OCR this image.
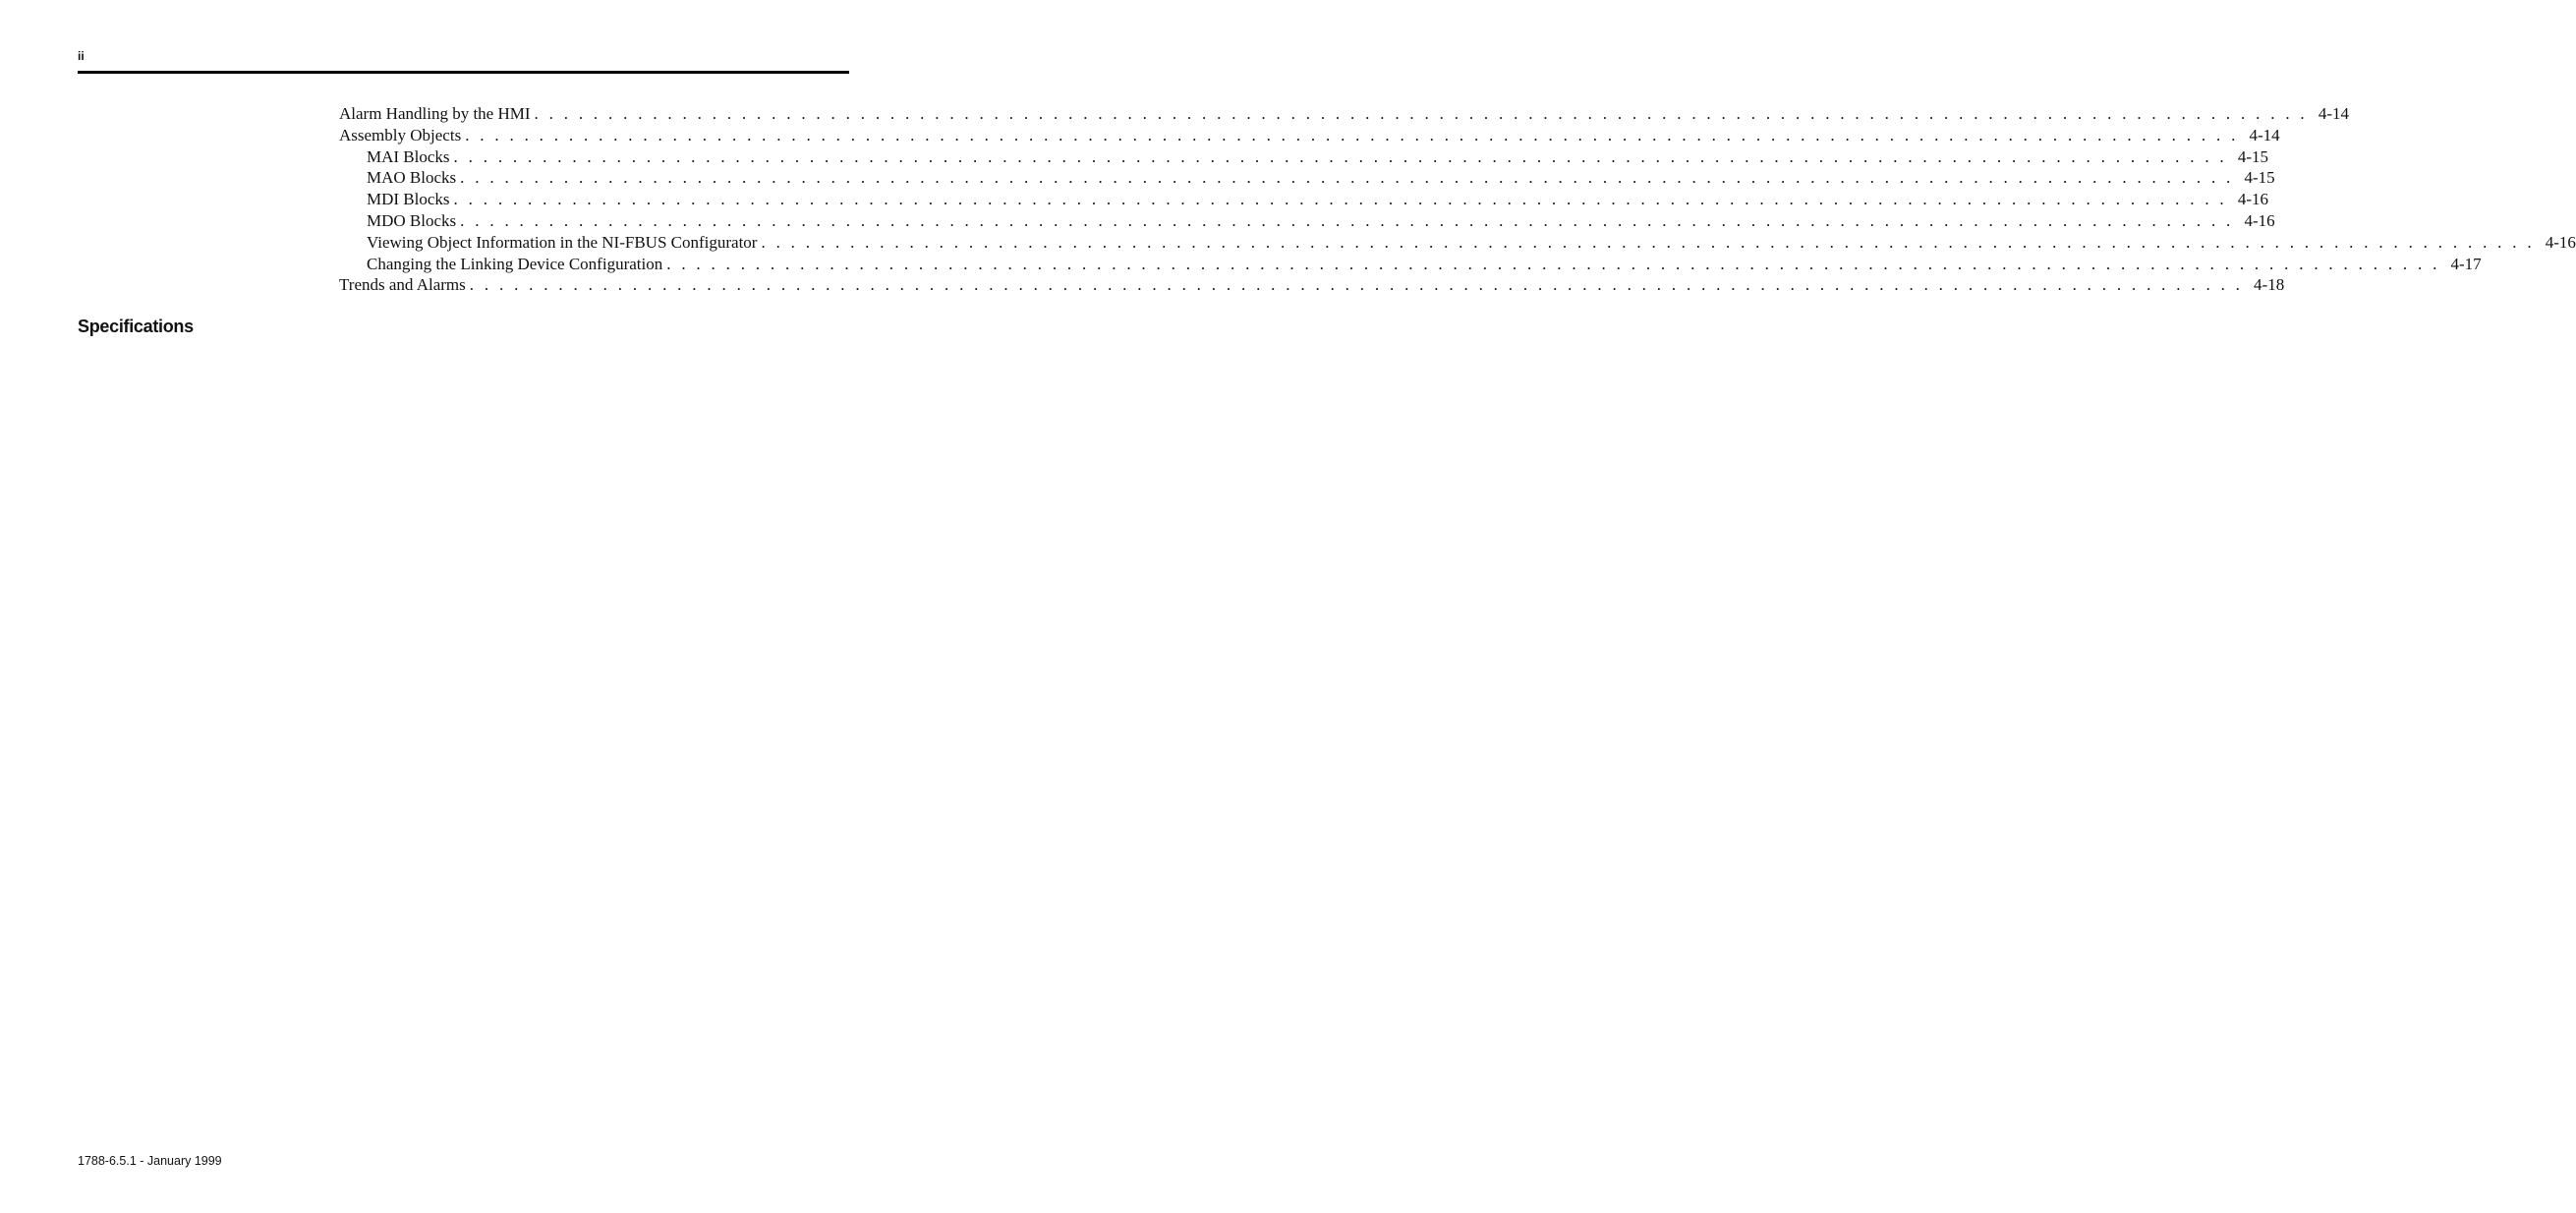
ii
Alarm Handling by the HMI . . . . . . . . . . . . . . . . . . . . . . . . . . . . . . . . . . . . . . . . . . . . . . . . . . . . . . . . . . . . . . . . . . . . . . . . . . . . . . . . . . . . . . . . . . . . . . . . . . . . . . . . . . . . . . . . . . . . . . . . 4-14
Assembly Objects . . . . . . . . . . . . . . . . . . . . . . . . . . . . . . . . . . . . . . . . . . . . . . . . . . . . . . . . . . . . . . . . . . . . . . . . . . . . . . . . . . . . . . . . . . . . . . . . . . . . . . . . . . . . . . . . . . . . . . . . 4-14
MAI Blocks . . . . . . . . . . . . . . . . . . . . . . . . . . . . . . . . . . . . . . . . . . . . . . . . . . . . . . . . . . . . . . . . . . . . . . . . . . . . . . . . . . . . . . . . . . . . . . . . . . . . . . . . . . . . . . . . . . . . . . . . 4-15
MAO Blocks . . . . . . . . . . . . . . . . . . . . . . . . . . . . . . . . . . . . . . . . . . . . . . . . . . . . . . . . . . . . . . . . . . . . . . . . . . . . . . . . . . . . . . . . . . . . . . . . . . . . . . . . . . . . . . . . . . . . . . . . 4-15
MDI Blocks . . . . . . . . . . . . . . . . . . . . . . . . . . . . . . . . . . . . . . . . . . . . . . . . . . . . . . . . . . . . . . . . . . . . . . . . . . . . . . . . . . . . . . . . . . . . . . . . . . . . . . . . . . . . . . . . . . . . . . . . 4-16
MDO Blocks . . . . . . . . . . . . . . . . . . . . . . . . . . . . . . . . . . . . . . . . . . . . . . . . . . . . . . . . . . . . . . . . . . . . . . . . . . . . . . . . . . . . . . . . . . . . . . . . . . . . . . . . . . . . . . . . . . . . . . . . 4-16
Viewing Object Information in the NI-FBUS Configurator . . . . . . . . . . . . . . . . . . . . . . . . . . . . . . . . . . . . . . . . . . . . . . . . . . . . . . . . . . . . . . . . . . . . . . . . . . . . . . . . . . . . . . . . . . . . . . . . . . . . . . . . . . . . . . . . . . . . . . . . 4-16
Changing the Linking Device Configuration . . . . . . . . . . . . . . . . . . . . . . . . . . . . . . . . . . . . . . . . . . . . . . . . . . . . . . . . . . . . . . . . . . . . . . . . . . . . . . . . . . . . . . . . . . . . . . . . . . . . . . . . . . . . . . . . . . . . . . . . 4-17
Trends and Alarms . . . . . . . . . . . . . . . . . . . . . . . . . . . . . . . . . . . . . . . . . . . . . . . . . . . . . . . . . . . . . . . . . . . . . . . . . . . . . . . . . . . . . . . . . . . . . . . . . . . . . . . . . . . . . . . . . . . . . . . . 4-18
Specifications
1788-6.5.1 - January 1999
